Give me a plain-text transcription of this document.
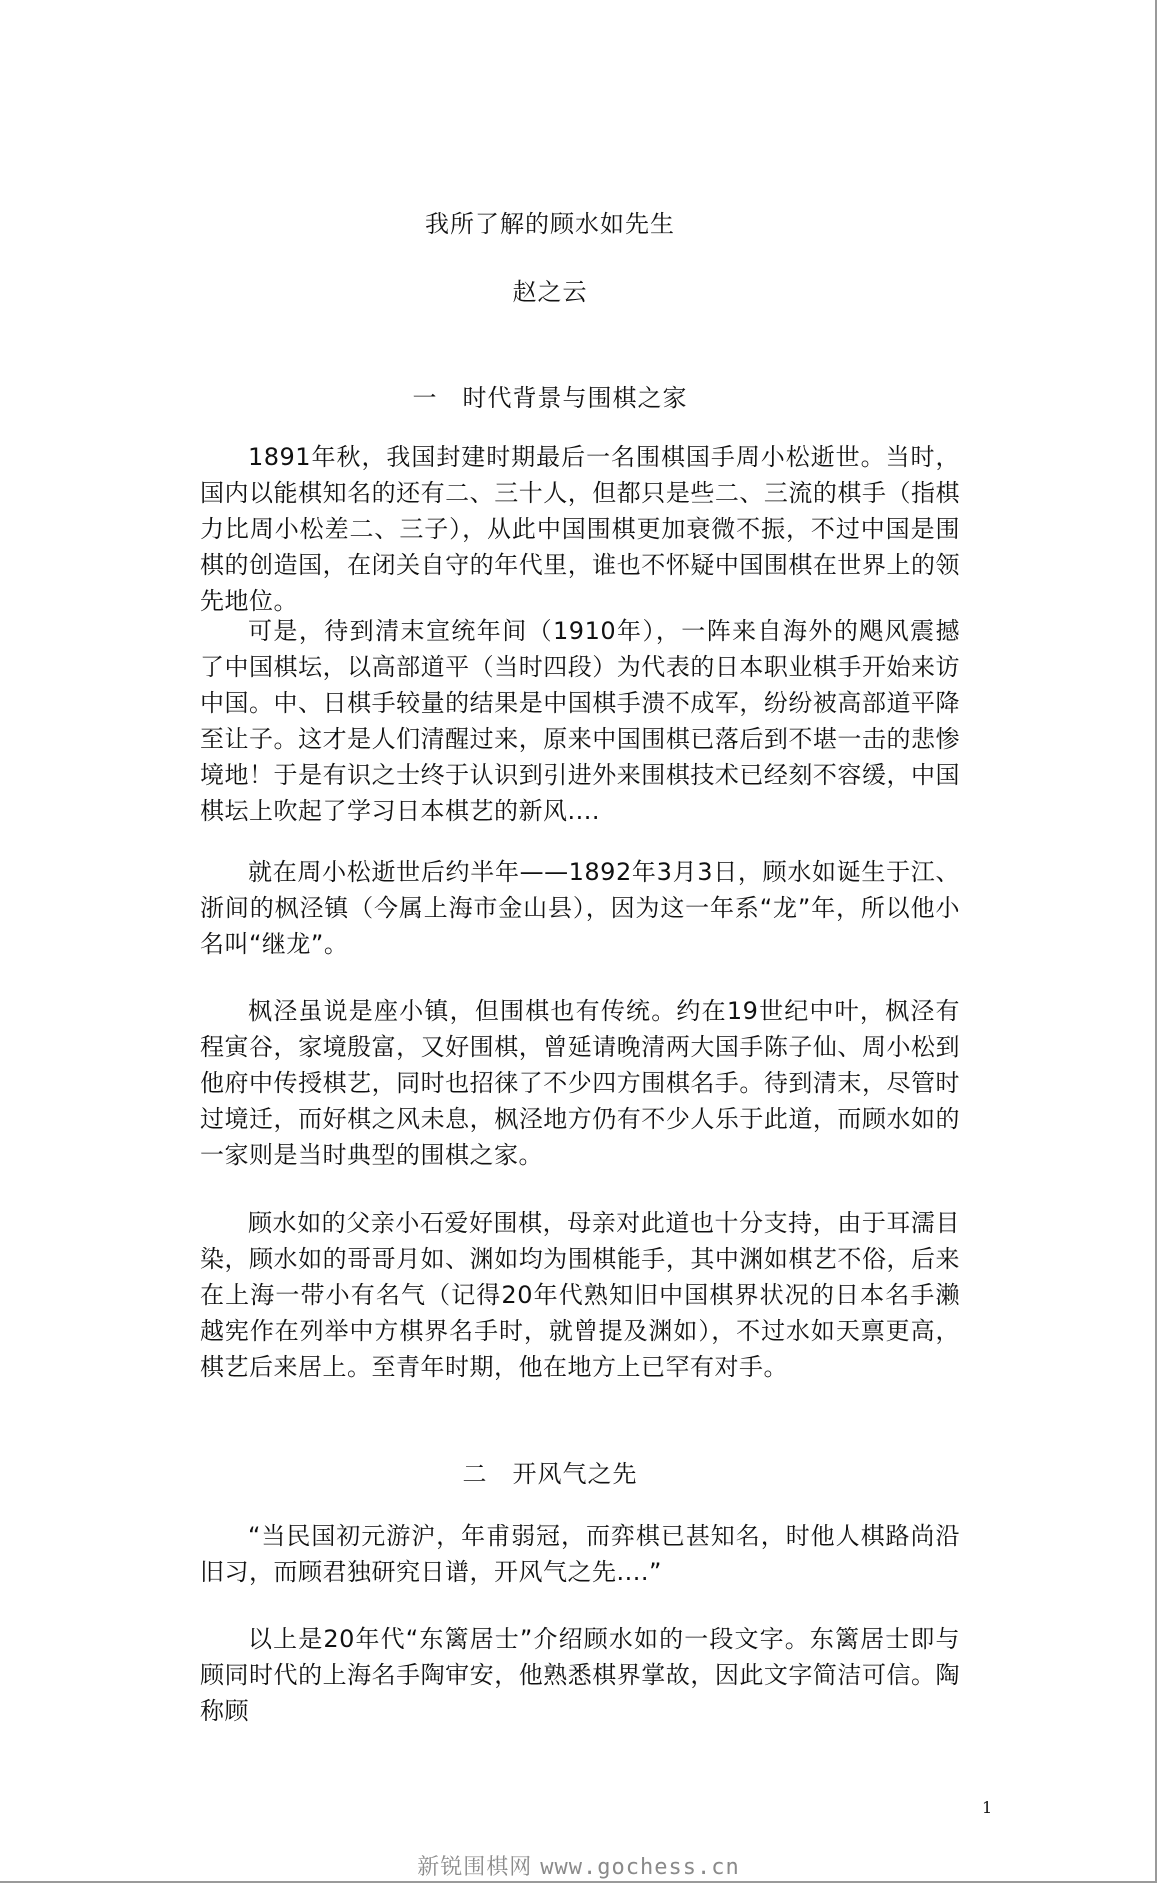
我所了解的顾水如先生
赵之云
一　时代背景与围棋之家

1891年秋，我国封建时期最后一名围棋国手周小松逝世。当时，国内以能棋知名的还有二、三十人，但都只是些二、三流的棋手（指棋力比周小松差二、三子），从此中国围棋更加衰微不振，不过中国是围棋的创造国，在闭关自守的年代里，谁也不怀疑中国围棋在世界上的领先地位。

可是，待到清末宣统年间（1910年），一阵来自海外的飓风震撼了中国棋坛，以高部道平（当时四段）为代表的日本职业棋手开始来访中国。中、日棋手较量的结果是中国棋手溃不成军，纷纷被高部道平降至让子。这才是人们清醒过来，原来中国围棋已落后到不堪一击的悲惨境地！于是有识之士终于认识到引进外来围棋技术已经刻不容缓，中国棋坛上吹起了学习日本棋艺的新风....

就在周小松逝世后约半年——1892年3月3日，顾水如诞生于江、浙间的枫泾镇（今属上海市金山县），因为这一年系“龙”年，所以他小名叫“继龙”。

枫泾虽说是座小镇，但围棋也有传统。约在19世纪中叶，枫泾有程寅谷，家境殷富，又好围棋，曾延请晚清两大国手陈子仙、周小松到他府中传授棋艺，同时也招徕了不少四方围棋名手。待到清末，尽管时过境迁，而好棋之风未息，枫泾地方仍有不少人乐于此道，而顾水如的一家则是当时典型的围棋之家。

顾水如的父亲小石爱好围棋，母亲对此道也十分支持，由于耳濡目染，顾水如的哥哥月如、渊如均为围棋能手，其中渊如棋艺不俗，后来在上海一带小有名气（记得20年代熟知旧中国棋界状况的日本名手濑越宪作在列举中方棋界名手时，就曾提及渊如），不过水如天禀更高，棋艺后来居上。至青年时期，他在地方上已罕有对手。

二　开风气之先

“当民国初元游沪，年甫弱冠，而弈棋已甚知名，时他人棋路尚沿旧习，而顾君独研究日谱，开风气之先....”

以上是20年代“东篱居士”介绍顾水如的一段文字。东篱居士即与顾同时代的上海名手陶审安，他熟悉棋界掌故，因此文字简洁可信。陶称顾

1
新锐围棋网 www.gochess.cn
